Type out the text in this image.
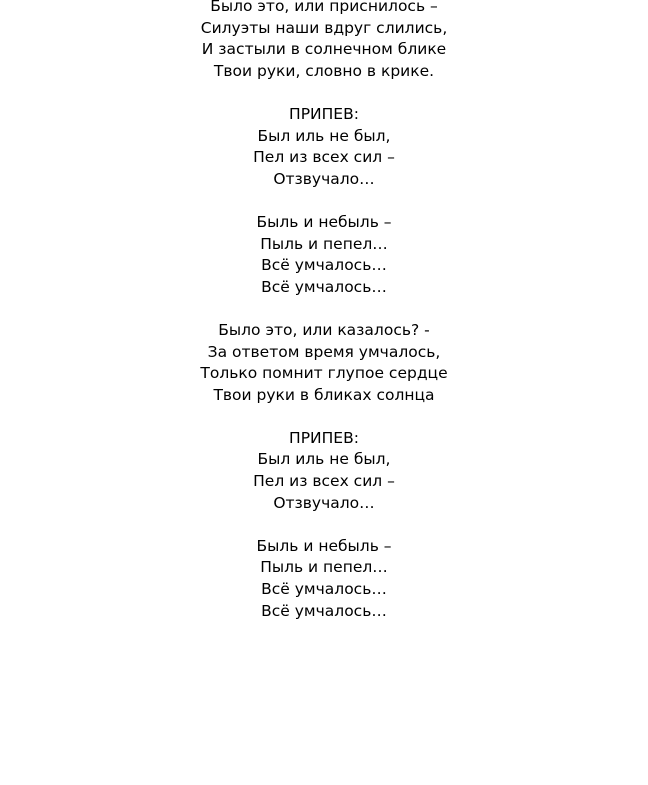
Было это, или приснилось –
Силуэты наши вдруг слились,
И застыли в солнечном блике
Твои руки, словно в крике.
ПРИПЕВ:
Был иль не был,
Пел из всех сил –
Отзвучало…
Быль и небыль –
Пыль и пепел…
Всё умчалось…
Всё умчалось…
Было это, или казалось? -
За ответом время умчалось,
Только помнит глупое сердце
Твои руки в бликах солнца
ПРИПЕВ:
Был иль не был,
Пел из всех сил –
Отзвучало…
Быль и небыль –
Пыль и пепел…
Всё умчалось…
Всё умчалось…
